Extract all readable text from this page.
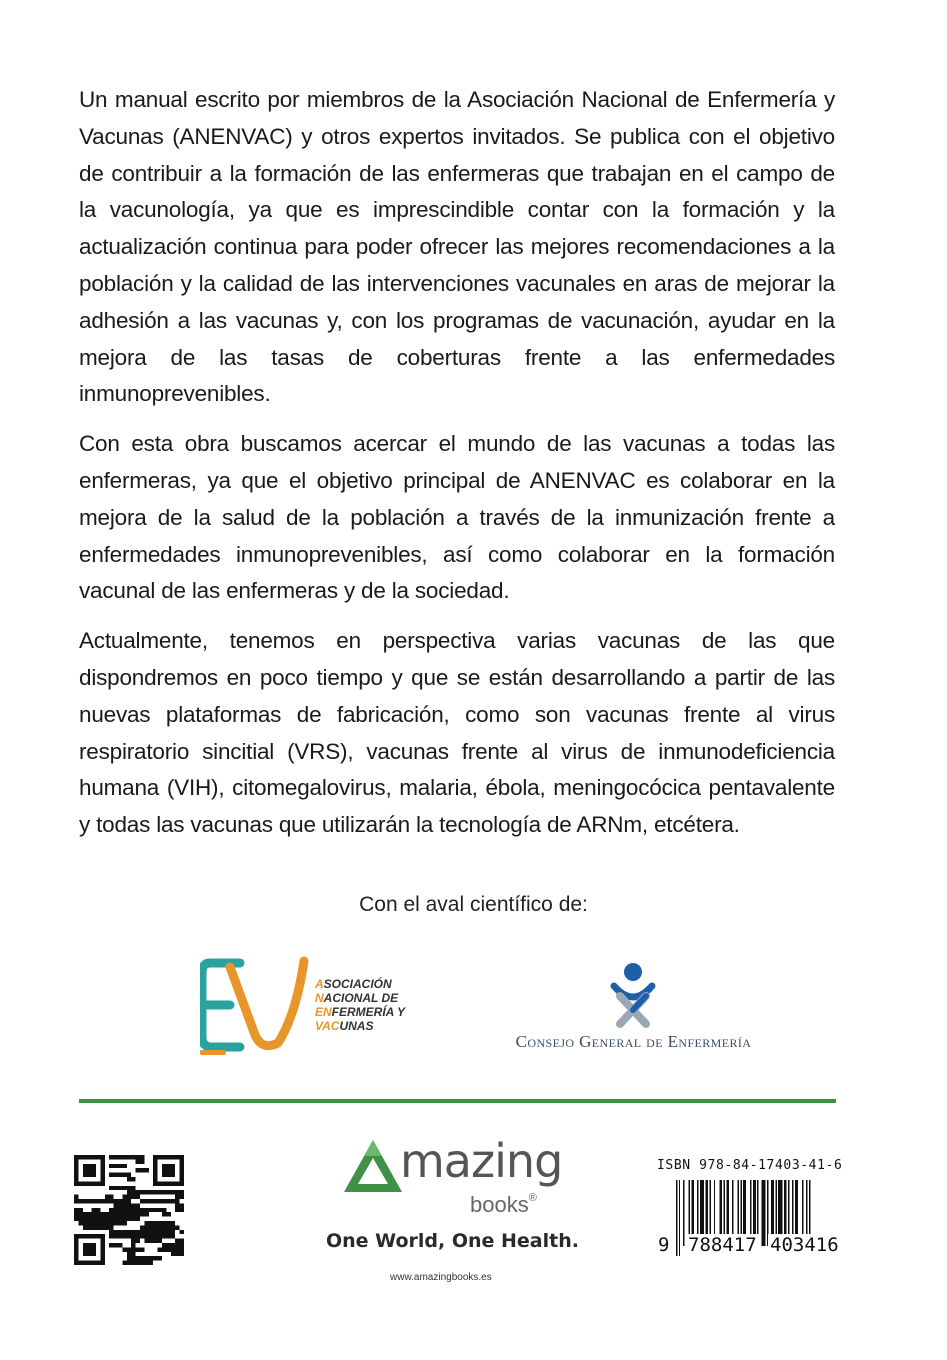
Un manual escrito por miembros de la Asociación Nacional de Enfermería y Vacunas (ANENVAC) y otros expertos invitados. Se publica con el objetivo de contribuir a la formación de las enfermeras que trabajan en el campo de la vacunología, ya que es imprescindible contar con la formación y la actualización continua para poder ofrecer las mejores recomendaciones a la población y la calidad de las intervenciones vacunales en aras de mejorar la adhesión a las vacunas y, con los programas de vacunación, ayudar en la mejora de las tasas de coberturas frente a las enfermedades inmunoprevenibles.

Con esta obra buscamos acercar el mundo de las vacunas a todas las enfermeras, ya que el objetivo principal de ANENVAC es colaborar en la mejora de la salud de la población a través de la inmunización frente a enfermedades inmunoprevenibles, así como colaborar en la formación vacunal de las enfermeras y de la sociedad.

Actualmente, tenemos en perspectiva varias vacunas de las que dispondremos en poco tiempo y que se están desarrollando a partir de las nuevas plataformas de fabricación, como son vacunas frente al virus respiratorio sincitial (VRS), vacunas frente al virus de inmunodeficiencia humana (VIH), citomegalovirus, malaria, ébola, meningocócica pentavalente y todas las vacunas que utilizarán la tecnología de ARNm, etcétera.

Con el aval científico de:
ASOCIACIÓN
NACIONAL DE
ENFERMERÍA Y
VACUNAS
Consejo General de Enfermería
mazing
books®
One World, One Health.
www.amazingbooks.es
ISBN 978-84-17403-41-6
9 788417 403416
